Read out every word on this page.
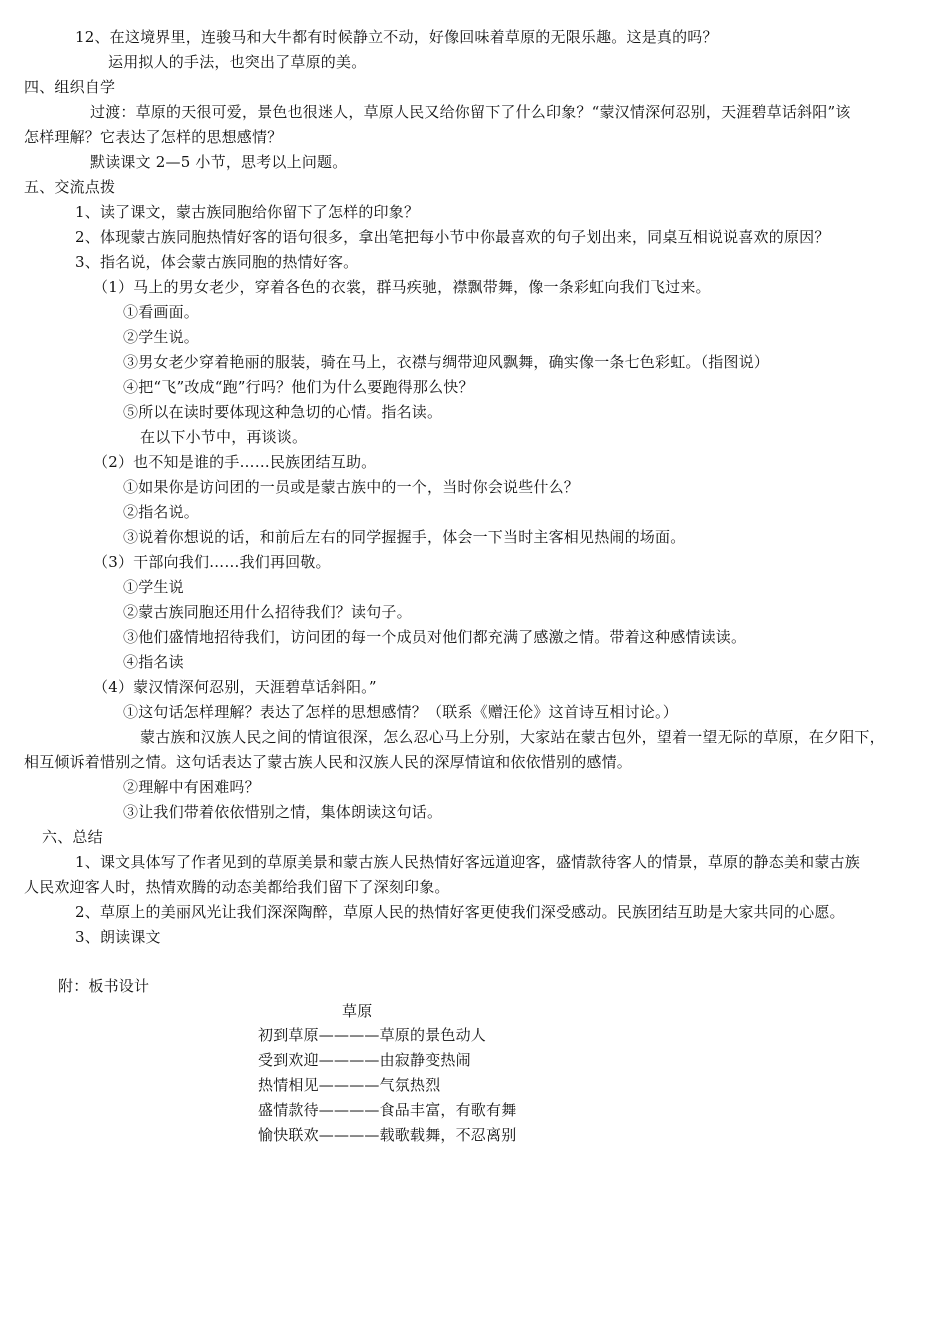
12、在这境界里，连骏马和大牛都有时候静立不动，好像回味着草原的无限乐趣。这是真的吗？
运用拟人的手法，也突出了草原的美。
四、组织自学
过渡：草原的天很可爱，景色也很迷人，草原人民又给你留下了什么印象？“蒙汉情深何忍别，天涯碧草话斜阳”该
怎样理解？它表达了怎样的思想感情？
默读课文 2—5 小节，思考以上问题。
五、交流点拨
1、读了课文，蒙古族同胞给你留下了怎样的印象？
2、体现蒙古族同胞热情好客的语句很多，拿出笔把每小节中你最喜欢的句子划出来，同桌互相说说喜欢的原因？
3、指名说，体会蒙古族同胞的热情好客。
（1）马上的男女老少，穿着各色的衣裳，群马疾驰，襟飘带舞，像一条彩虹向我们飞过来。
①看画面。
②学生说。
③男女老少穿着艳丽的服装，骑在马上，衣襟与绸带迎风飘舞，确实像一条七色彩虹。（指图说）
④把“飞”改成“跑”行吗？他们为什么要跑得那么快？
⑤所以在读时要体现这种急切的心情。指名读。
在以下小节中，再谈谈。
（2）也不知是谁的手……民族团结互助。
①如果你是访问团的一员或是蒙古族中的一个，当时你会说些什么？
②指名说。
③说着你想说的话，和前后左右的同学握握手，体会一下当时主客相见热闹的场面。
（3）干部向我们……我们再回敬。
①学生说
②蒙古族同胞还用什么招待我们？读句子。
③他们盛情地招待我们，访问团的每一个成员对他们都充满了感激之情。带着这种感情读读。
④指名读
（4）蒙汉情深何忍别，天涯碧草话斜阳。”
①这句话怎样理解？表达了怎样的思想感情？（联系《赠汪伦》这首诗互相讨论。）
蒙古族和汉族人民之间的情谊很深，怎么忍心马上分别，大家站在蒙古包外，望着一望无际的草原，在夕阳下，
相互倾诉着惜别之情。这句话表达了蒙古族人民和汉族人民的深厚情谊和依依惜别的感情。
②理解中有困难吗？
③让我们带着依依惜别之情，集体朗读这句话。
六、总结
1、课文具体写了作者见到的草原美景和蒙古族人民热情好客远道迎客，盛情款待客人的情景，草原的静态美和蒙古族
人民欢迎客人时，热情欢腾的动态美都给我们留下了深刻印象。
2、草原上的美丽风光让我们深深陶醉，草原人民的热情好客更使我们深受感动。民族团结互助是大家共同的心愿。
3、朗读课文
附：板书设计
草原
初到草原————草原的景色动人
受到欢迎————由寂静变热闹
热情相见————气氛热烈
盛情款待————食品丰富，有歌有舞
愉快联欢————载歌载舞，不忍离别
